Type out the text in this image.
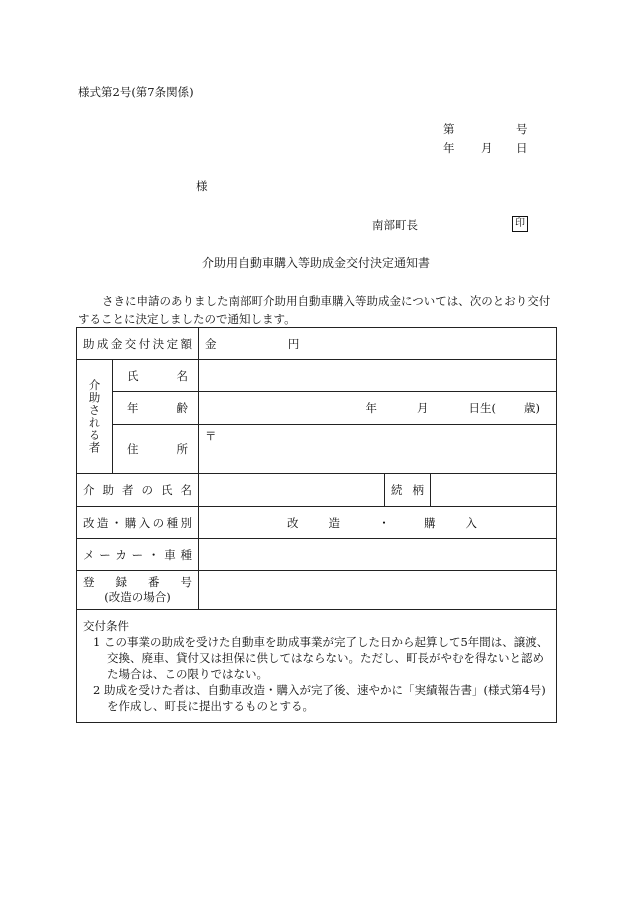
様式第2号(第7条関係)
第	号
年 月 日
様
南部町長	印
介助用自動車購入等助成金交付決定通知書
さきに申請のありました南部町介助用自動車購入等助成金については、次のとおり交付することに決定しましたので通知します。
助成金交付決定額		金 円		
介助される者	氏名			

	年齢	年 月 日生( 歳)		

	住所	〒		

介助者の氏名			続柄	

改造・購入の種別		改造 ・ 購入		

メーカー・車種				

登録番号
(改造の場合)				

交付条件
1 この事業の助成を受けた自動車を助成事業が完了した日から起算して5年間は、譲渡、交換、廃車、貸付又は担保に供してはならない。ただし、町長がやむを得ないと認めた場合は、この限りではない。
2 助成を受けた者は、自動車改造・購入が完了後、速やかに「実績報告書」(様式第4号)を作成し、町長に提出するものとする。				
